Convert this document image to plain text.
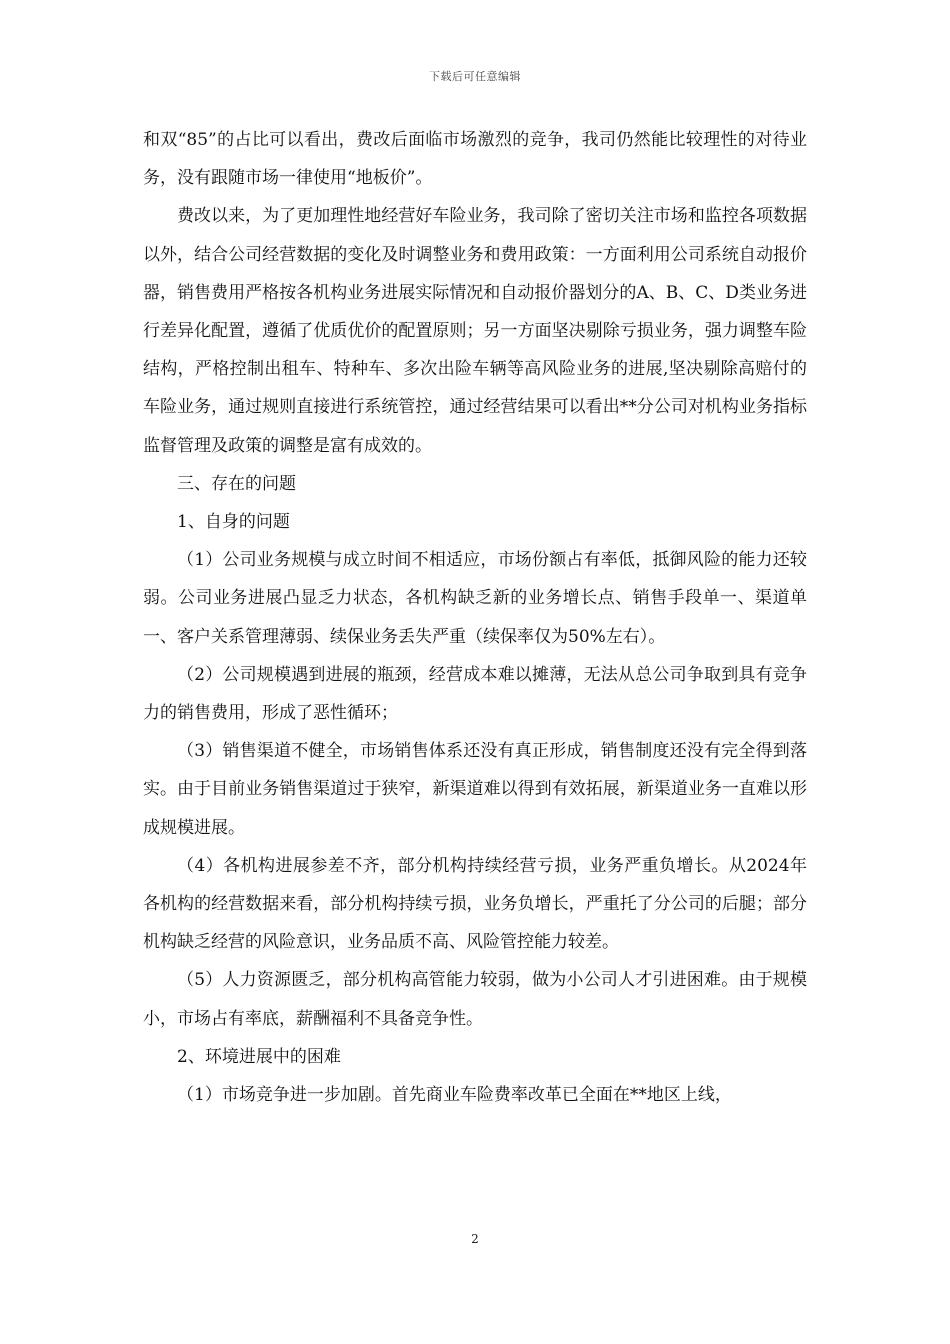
下载后可任意编辑

和双“85”的占比可以看出，费改后面临市场激烈的竞争，我司仍然能比较理性的对待业务，没有跟随市场一律使用“地板价”。

费改以来，为了更加理性地经营好车险业务，我司除了密切关注市场和监控各项数据以外，结合公司经营数据的变化及时调整业务和费用政策：一方面利用公司系统自动报价器，销售费用严格按各机构业务进展实际情况和自动报价器划分的A、B、C、D类业务进行差异化配置，遵循了优质优价的配置原则；另一方面坚决剔除亏损业务，强力调整车险结构，严格控制出租车、特种车、多次出险车辆等高风险业务的进展,坚决剔除高赔付的车险业务，通过规则直接进行系统管控，通过经营结果可以看出**分公司对机构业务指标监督管理及政策的调整是富有成效的。

三、存在的问题

1、自身的问题

（1）公司业务规模与成立时间不相适应，市场份额占有率低，抵御风险的能力还较弱。公司业务进展凸显乏力状态，各机构缺乏新的业务增长点、销售手段单一、渠道单一、客户关系管理薄弱、续保业务丢失严重（续保率仅为50%左右）。

（2）公司规模遇到进展的瓶颈，经营成本难以摊薄，无法从总公司争取到具有竞争力的销售费用，形成了恶性循环；

（3）销售渠道不健全，市场销售体系还没有真正形成，销售制度还没有完全得到落实。由于目前业务销售渠道过于狭窄，新渠道难以得到有效拓展，新渠道业务一直难以形成规模进展。

（4）各机构进展参差不齐，部分机构持续经营亏损，业务严重负增长。从2024年各机构的经营数据来看，部分机构持续亏损，业务负增长，严重托了分公司的后腿；部分机构缺乏经营的风险意识，业务品质不高、风险管控能力较差。

（5）人力资源匮乏，部分机构高管能力较弱，做为小公司人才引进困难。由于规模小，市场占有率底，薪酬福利不具备竞争性。

2、环境进展中的困难

（1）市场竞争进一步加剧。首先商业车险费率改革已全面在**地区上线，

2
